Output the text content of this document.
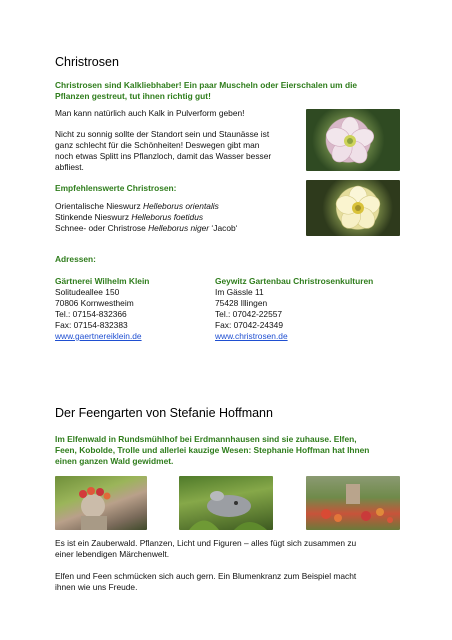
Christrosen
Christrosen sind Kalkliebhaber! Ein paar Muscheln oder Eierschalen um die
Pflanzen gestreut, tut ihnen richtig gut!
Man kann natürlich auch Kalk in Pulverform geben!
Nicht zu sonnig sollte der Standort sein und Staunässe ist
ganz schlecht für die Schönheiten! Deswegen gibt man
noch etwas Splitt ins Pflanzloch, damit das Wasser besser
abfliest.
Empfehlenswerte Christrosen:
Orientalische Nieswurz Helleborus orientalis
Stinkende Nieswurz Helleborus foetidus
Schnee- oder Christrose Helleborus niger ‘Jacob‘
Adressen:
Gärtnerei Wilhelm Klein
Solitudeallee 150
70806 Kornwestheim
Tel.: 07154-832366
Fax: 07154-832383
www.gaertnereiklein.de
Geywitz Gartenbau Christrosenkulturen
Im Gässle 11
75428 Illingen
Tel.: 07042-22557
Fax: 07042-24349
www.christrosen.de
Der Feengarten von Stefanie Hoffmann
Im Elfenwald in Rundsmühlhof bei Erdmannhausen sind sie zuhause. Elfen,
Feen, Kobolde, Trolle und allerlei kauzige Wesen: Stephanie Hoffman hat Ihnen
einen ganzen Wald gewidmet.
Es ist ein Zauberwald. Pflanzen, Licht und Figuren – alles fügt sich zusammen zu
einer lebendigen Märchenwelt.
Elfen und Feen schmücken sich auch gern. Ein Blumenkranz zum Beispiel macht
ihnen wie uns Freude.
